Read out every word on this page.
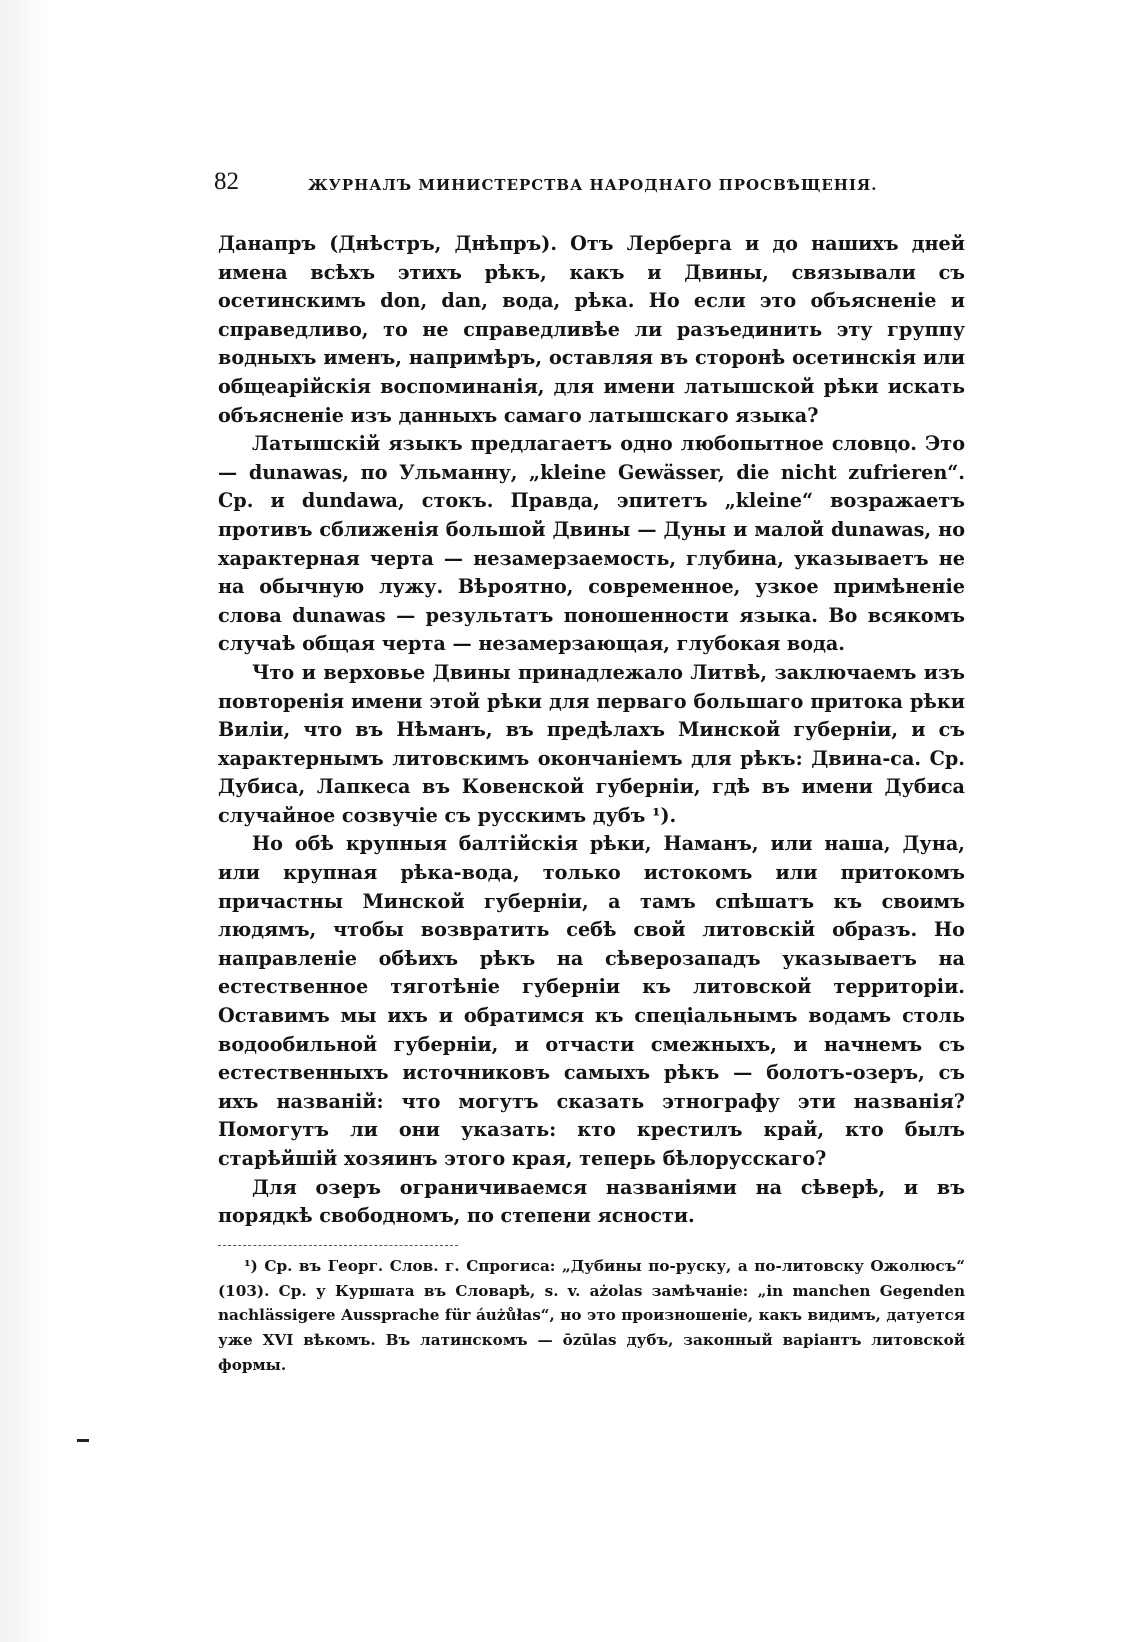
82	ЖУРНАЛЪ МИНИСТЕРСТВА НАРОДНАГО ПРОСВѢЩЕНІЯ.

Данапръ (Днѣстръ, Днѣпръ). Отъ Лерберга и до нашихъ дней имена всѣхъ этихъ рѣкъ, какъ и Двины, связывали съ осетинскимъ don, dan, вода, рѣка. Но если это объясненіе и справедливо, то не справедливѣе ли разъединить эту группу водныхъ именъ, напримѣръ, оставляя въ сторонѣ осетинскія или общеарійскія воспоминанія, для имени латышской рѣки искать объясненіе изъ данныхъ самаго латышскаго языка?

Латышскій языкъ предлагаетъ одно любопытное словцо. Это — dunawas, по Ульманну, „kleine Gewässer, die nicht zufrieren“. Ср. и dundawa, стокъ. Правда, эпитетъ „kleine“ возражаетъ противъ сближенія большой Двины — Дуны и малой dunawas, но характерная черта — незамерзаемость, глубина, указываетъ не на обычную лужу. Вѣроятно, современное, узкое примѣненіе слова dunawas — результатъ поношенности языка. Во всякомъ случаѣ общая черта — незамерзающая, глубокая вода.

Что и верховье Двины принадлежало Литвѣ, заключаемъ изъ повторенія имени этой рѣки для перваго большаго притока рѣки Виліи, что въ Нѣманъ, въ предѣлахъ Минской губерніи, и съ характернымъ литовскимъ окончаніемъ для рѣкъ: Двина-са. Ср. Дубиса, Лапкеса въ Ковенской губерніи, гдѣ въ имени Дубиса случайное созвучіе съ русскимъ дубъ ¹).

Но обѣ крупныя балтійскія рѣки, Наманъ, или наша, Дуна, или крупная рѣка-вода, только истокомъ или притокомъ причастны Минской губерніи, а тамъ спѣшатъ къ своимъ людямъ, чтобы возвратить себѣ свой литовскій образъ. Но направленіе обѣихъ рѣкъ на сѣверозападъ указываетъ на естественное тяготѣніе губерніи къ литовской территоріи. Оставимъ мы ихъ и обратимся къ спеціальнымъ водамъ столь водообильной губерніи, и отчасти смежныхъ, и начнемъ съ естественныхъ источниковъ самыхъ рѣкъ — болотъ-озеръ, съ ихъ названій: что могутъ сказать этнографу эти названія? Помогутъ ли они указать: кто крестилъ край, кто былъ старѣйшій хозяинъ этого края, теперь бѣлорусскаго?

Для озеръ ограничиваемся названіями на сѣверѣ, и въ порядкѣ свободномъ, по степени ясности.

¹) Ср. въ Георг. Слов. г. Спрогиса: „Дубины по-руску, а по-литовску Ожолюсъ“ (103). Ср. у Куршата въ Словарѣ, s. v. ażolas замѣчаніе: „in manchen Gegenden nachlässigere Aussprache für áużůłas“, но это произношеніе, какъ видимъ, датуется уже XVI вѣкомъ. Въ латинскомъ — ōzūlas дубъ, законный варіантъ литовской формы.
